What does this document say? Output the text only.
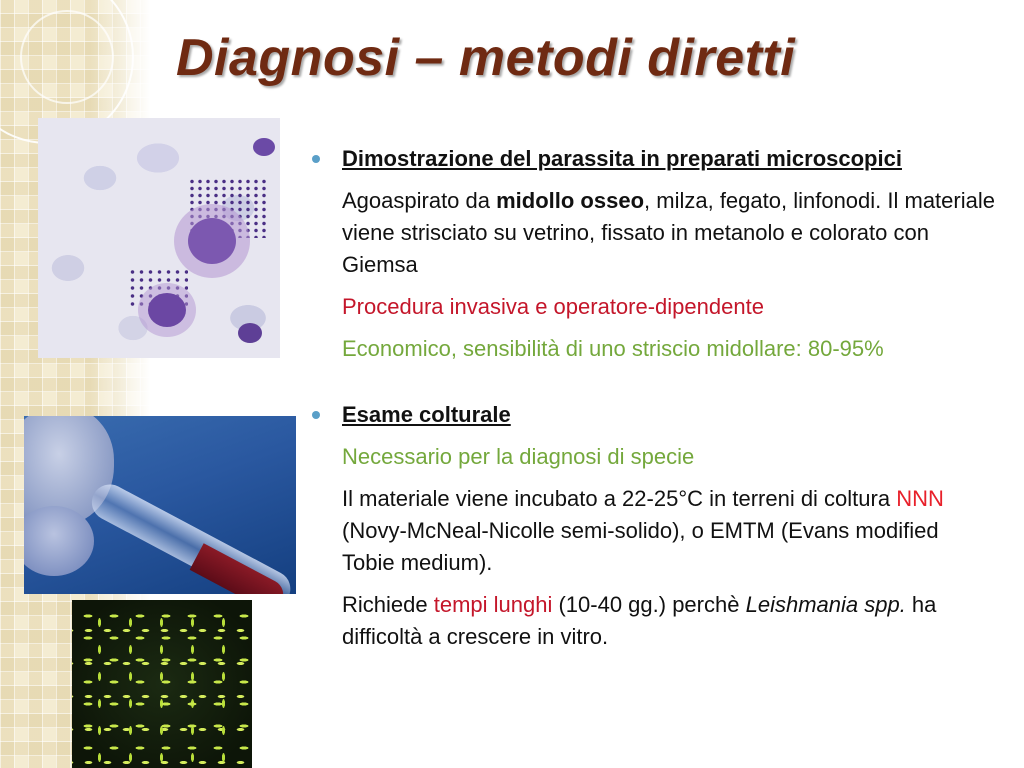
Diagnosi – metodi diretti

Dimostrazione del parassita in preparati microscopici

Agoaspirato da midollo osseo, milza, fegato, linfonodi. Il materiale viene strisciato su vetrino, fissato in metanolo e colorato con Giemsa
Procedura invasiva e operatore-dipendente
Economico, sensibilità di uno striscio midollare: 80-95%

Esame colturale

Necessario per la diagnosi di specie
Il materiale viene incubato a 22-25°C in terreni di coltura NNN (Novy-McNeal-Nicolle semi-solido), o EMTM (Evans modified Tobie medium).
Richiede tempi lunghi (10-40 gg.) perchè Leishmania spp. ha difficoltà a crescere in vitro.
